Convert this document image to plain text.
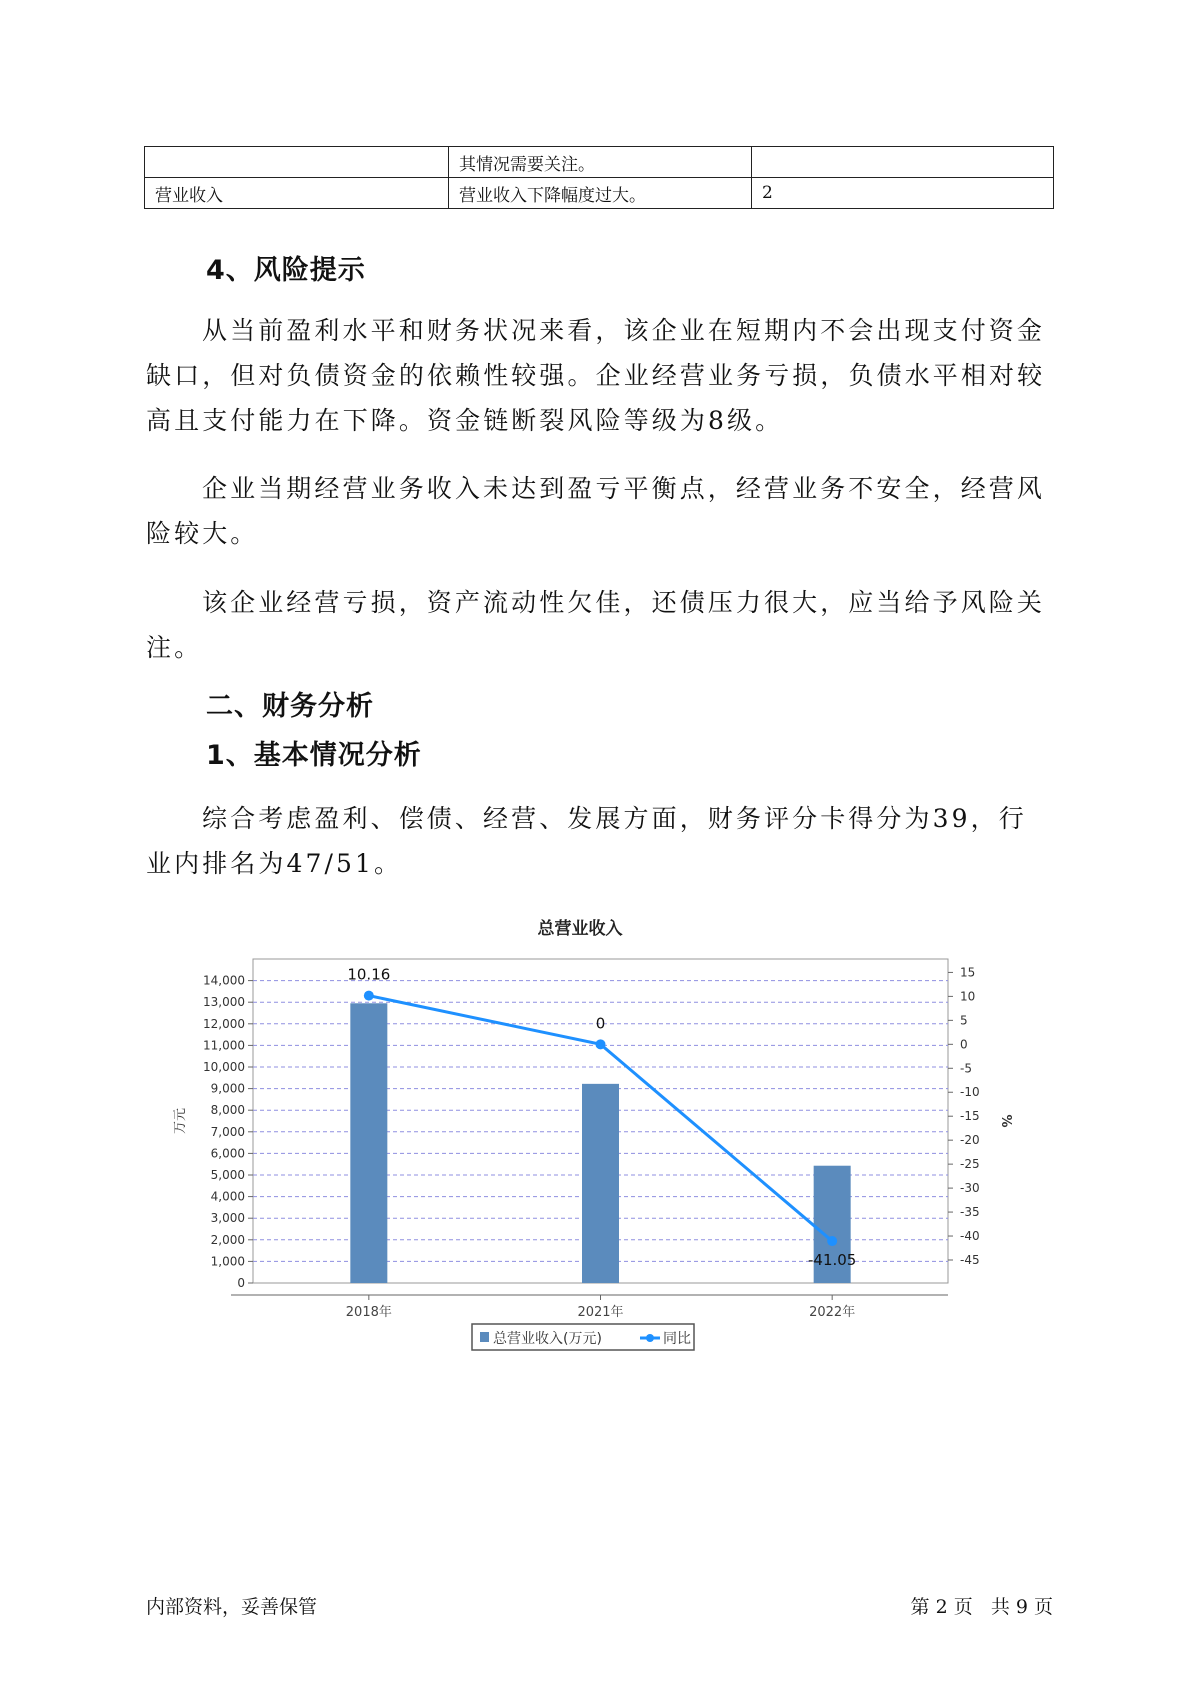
	其情况需要关注。	
营业收入	营业收入下降幅度过大。	2
4、风险提示

从当前盈利水平和财务状况来看，该企业在短期内不会出现支付资金缺口，但对负债资金的依赖性较强。企业经营业务亏损，负债水平相对较高且支付能力在下降。资金链断裂风险等级为8级。

企业当期经营业务收入未达到盈亏平衡点，经营业务不安全，经营风险较大。

该企业经营亏损，资产流动性欠佳，还债压力很大，应当给予风险关注。

二、财务分析
1、基本情况分析

综合考虑盈利、偿债、经营、发展方面，财务评分卡得分为39，行业内排名为47/51。

总营业收入
0
1,000
2,000
3,000
4,000
5,000
6,000
7,000
8,000
9,000
10,000
11,000
12,000
13,000
14,000
15
10
5
0
-5
-10
-15
-20
-25
-30
-35
-40
-45
万元	%
2018年	2021年	2022年
10.16
0
-41.05
总营业收入(万元)	同比
内部资料，妥善保管	第 2 页   共 9 页
